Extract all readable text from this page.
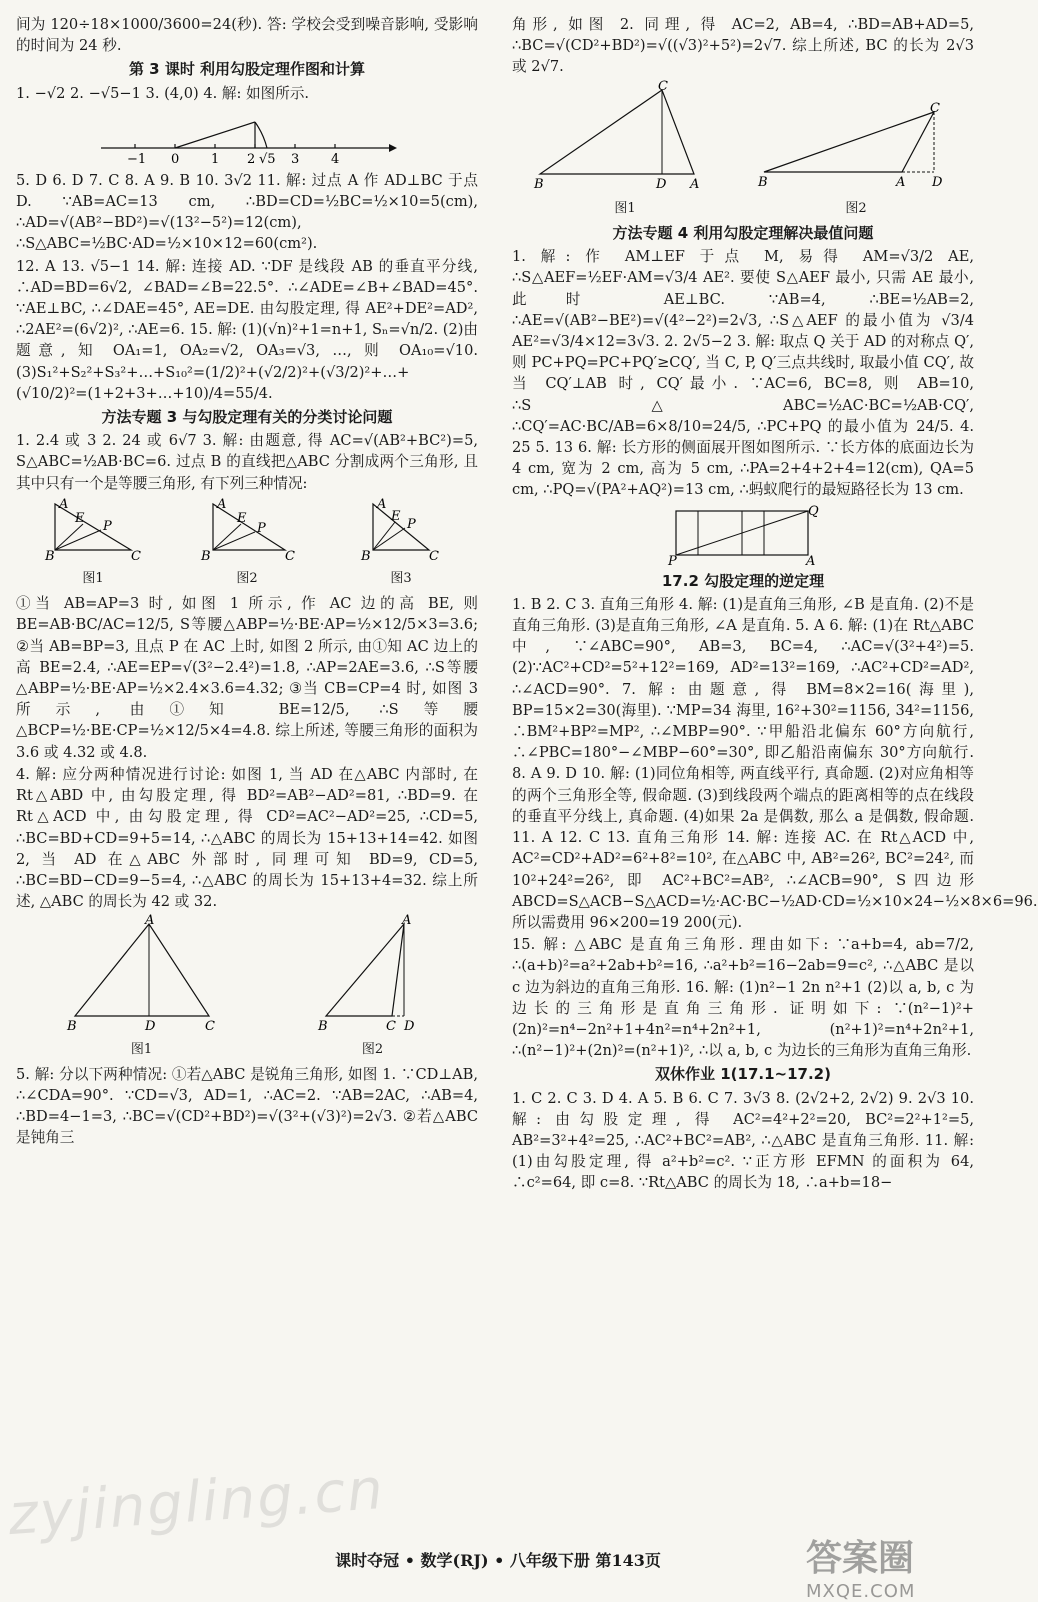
间为 120÷18×1000/3600=24(秒). 答: 学校会受到噪音影响, 受影响的时间为 24 秒.

第 3 课时 利用勾股定理作图和计算

1. −√2 2. −√5−1 3. (4,0) 4. 解: 如图所示.

−1 0 1 2 √5 3 4

5. D 6. D 7. C 8. A 9. B 10. 3√2 11. 解: 过点 A 作 AD⊥BC 于点 D. ∵AB=AC=13 cm, ∴BD=CD=½BC=½×10=5(cm), ∴AD=√(AB²−BD²)=√(13²−5²)=12(cm), ∴S△ABC=½BC·AD=½×10×12=60(cm²).

12. A 13. √5−1 14. 解: 连接 AD. ∵DF 是线段 AB 的垂直平分线, ∴AD=BD=6√2, ∠BAD=∠B=22.5°. ∴∠ADE=∠B+∠BAD=45°. ∵AE⊥BC, ∴∠DAE=45°, AE=DE. 由勾股定理, 得 AE²+DE²=AD², ∴2AE²=(6√2)², ∴AE=6. 15. 解: (1)(√n)²+1=n+1, Sₙ=√n/2. (2)由题意, 知 OA₁=1, OA₂=√2, OA₃=√3, …, 则 OA₁₀=√10. (3)S₁²+S₂²+S₃²+…+S₁₀²=(1/2)²+(√2/2)²+(√3/2)²+…+(√10/2)²=(1+2+3+…+10)/4=55/4.

方法专题 3 与勾股定理有关的分类讨论问题

1. 2.4 或 3 2. 24 或 6√7 3. 解: 由题意, 得 AC=√(AB²+BC²)=5, S△ABC=½AB·BC=6. 过点 B 的直线把△ABC 分割成两个三角形, 且其中只有一个是等腰三角形, 有下列三种情况:

A
E
P
B	C
图1
A
E
P
B	C
图2
A
E
P
B	C
图3

①当 AB=AP=3 时, 如图 1 所示, 作 AC 边的高 BE, 则 BE=AB·BC/AC=12/5, S等腰△ABP=½·BE·AP=½×12/5×3=3.6; ②当 AB=BP=3, 且点 P 在 AC 上时, 如图 2 所示, 由①知 AC 边上的高 BE=2.4, ∴AE=EP=√(3²−2.4²)=1.8, ∴AP=2AE=3.6, ∴S等腰△ABP=½·BE·AP=½×2.4×3.6=4.32; ③当 CB=CP=4 时, 如图 3 所示, 由①知 BE=12/5, ∴S等腰△BCP=½·BE·CP=½×12/5×4=4.8. 综上所述, 等腰三角形的面积为 3.6 或 4.32 或 4.8.

4. 解: 应分两种情况进行讨论: 如图 1, 当 AD 在△ABC 内部时, 在 Rt△ABD 中, 由勾股定理, 得 BD²=AB²−AD²=81, ∴BD=9. 在 Rt△ACD 中, 由勾股定理, 得 CD²=AC²−AD²=25, ∴CD=5, ∴BC=BD+CD=9+5=14, ∴△ABC 的周长为 15+13+14=42. 如图 2, 当 AD 在△ABC 外部时, 同理可知 BD=9, CD=5, ∴BC=BD−CD=9−5=4, ∴△ABC 的周长为 15+13+4=32. 综上所述, △ABC 的周长为 42 或 32.

A
B	D	C
图1
A
B	C D
图2

5. 解: 分以下两种情况: ①若△ABC 是锐角三角形, 如图 1. ∵CD⊥AB, ∴∠CDA=90°. ∵CD=√3, AD=1, ∴AC=2. ∵AB=2AC, ∴AB=4, ∴BD=4−1=3, ∴BC=√(CD²+BD²)=√(3²+(√3)²)=2√3. ②若△ABC 是钝角三

角形, 如图 2. 同理, 得 AC=2, AB=4, ∴BD=AB+AD=5, ∴BC=√(CD²+BD²)=√((√3)²+5²)=2√7. 综上所述, BC 的长为 2√3 或 2√7.

C
B	D A
图1
C
B	A D
图2
方法专题 4 利用勾股定理解决最值问题

1. 解: 作 AM⊥EF 于点 M, 易得 AM=√3/2 AE, ∴S△AEF=½EF·AM=√3/4 AE². 要使 S△AEF 最小, 只需 AE 最小, 此时 AE⊥BC. ∵AB=4, ∴BE=½AB=2, ∴AE=√(AB²−BE²)=√(4²−2²)=2√3, ∴S△AEF 的最小值为 √3/4 AE²=√3/4×12=3√3. 2. 2√5−2 3. 解: 取点 Q 关于 AD 的对称点 Q′, 则 PC+PQ=PC+PQ′≥CQ′, 当 C, P, Q′三点共线时, 取最小值 CQ′, 故当 CQ′⊥AB 时, CQ′最小. ∵AC=6, BC=8, 则 AB=10, ∴S△ABC=½AC·BC=½AB·CQ′, ∴CQ′=AC·BC/AB=6×8/10=24/5, ∴PC+PQ 的最小值为 24/5. 4. 25 5. 13 6. 解: 长方形的侧面展开图如图所示. ∵长方体的底面边长为 4 cm, 宽为 2 cm, 高为 5 cm, ∴PA=2+4+2+4=12(cm), QA=5 cm, ∴PQ=√(PA²+AQ²)=13 cm, ∴蚂蚁爬行的最短路径长为 13 cm.

P	A
Q
17.2 勾股定理的逆定理

1. B 2. C 3. 直角三角形 4. 解: (1)是直角三角形, ∠B 是直角. (2)不是直角三角形. (3)是直角三角形, ∠A 是直角. 5. A 6. 解: (1)在 Rt△ABC 中, ∵∠ABC=90°, AB=3, BC=4, ∴AC=√(3²+4²)=5. (2)∵AC²+CD²=5²+12²=169, AD²=13²=169, ∴AC²+CD²=AD², ∴∠ACD=90°. 7. 解: 由题意, 得 BM=8×2=16(海里), BP=15×2=30(海里). ∵MP=34 海里, 16²+30²=1156, 34²=1156, ∴BM²+BP²=MP², ∴∠MBP=90°. ∵甲船沿北偏东 60°方向航行, ∴∠PBC=180°−∠MBP−60°=30°, 即乙船沿南偏东 30°方向航行. 8. A 9. D 10. 解: (1)同位角相等, 两直线平行, 真命题. (2)对应角相等的两个三角形全等, 假命题. (3)到线段两个端点的距离相等的点在线段的垂直平分线上, 真命题. (4)如果 2a 是偶数, 那么 a 是偶数, 假命题. 11. A 12. C 13. 直角三角形 14. 解: 连接 AC. 在 Rt△ACD 中, AC²=CD²+AD²=6²+8²=10², 在△ABC 中, AB²=26², BC²=24², 而 10²+24²=26², 即 AC²+BC²=AB², ∴∠ACB=90°, S四边形ABCD=S△ACB−S△ACD=½·AC·BC−½AD·CD=½×10×24−½×8×6=96. 所以需费用 96×200=19 200(元).

15. 解: △ABC 是直角三角形. 理由如下: ∵a+b=4, ab=7/2, ∴(a+b)²=a²+2ab+b²=16, ∴a²+b²=16−2ab=9=c², ∴△ABC 是以 c 边为斜边的直角三角形. 16. 解: (1)n²−1 2n n²+1 (2)以 a, b, c 为边长的三角形是直角三角形. 证明如下: ∵(n²−1)²+(2n)²=n⁴−2n²+1+4n²=n⁴+2n²+1, (n²+1)²=n⁴+2n²+1, ∴(n²−1)²+(2n)²=(n²+1)², ∴以 a, b, c 为边长的三角形为直角三角形.

双休作业 1(17.1~17.2)

1. C 2. C 3. D 4. A 5. B 6. C 7. 3√3 8. (2√2+2, 2√2) 9. 2√3 10. 解: 由勾股定理, 得 AC²=4²+2²=20, BC²=2²+1²=5, AB²=3²+4²=25, ∴AC²+BC²=AB², ∴△ABC 是直角三角形. 11. 解: (1)由勾股定理, 得 a²+b²=c². ∵正方形 EFMN 的面积为 64, ∴c²=64, 即 c=8. ∵Rt△ABC 的周长为 18, ∴a+b=18−

zyjingling.cn
课时夺冠 • 数学(RJ) • 八年级下册 第143页	答案圈
MXQE.COM
